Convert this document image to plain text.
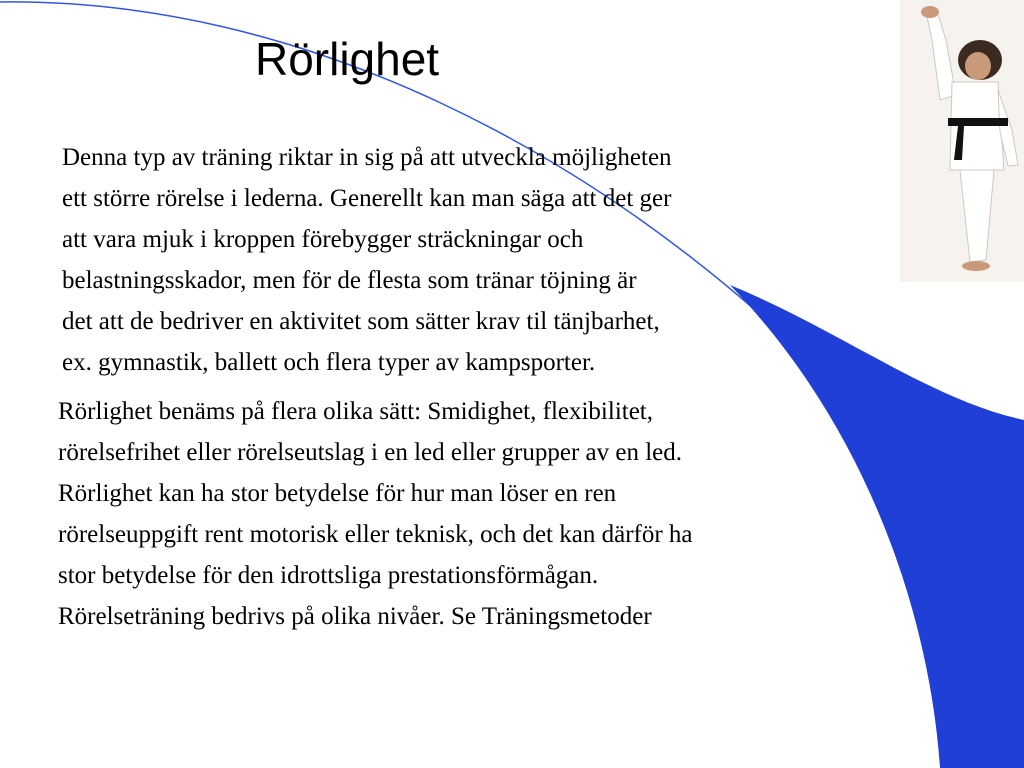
Rörlighet

Denna typ av träning riktar in sig på att utveckla möjligheten
ett större rörelse i lederna. Generellt kan man säga att det ger
att vara mjuk i kroppen förebygger sträckningar och
belastningsskador, men för de flesta som tränar töjning är
det att de bedriver en aktivitet som sätter krav til tänjbarhet,
ex. gymnastik, ballett och flera typer av kampsporter.

Rörlighet benäms på flera olika sätt: Smidighet, flexibilitet,
rörelsefrihet eller rörelseutslag i en led eller grupper av en led.
Rörlighet kan ha stor betydelse för hur man löser en ren
rörelseuppgift rent motorisk eller teknisk, och det kan därför ha
stor betydelse för den idrottsliga prestationsförmågan.
Rörelseträning bedrivs på olika nivåer. Se Träningsmetoder
